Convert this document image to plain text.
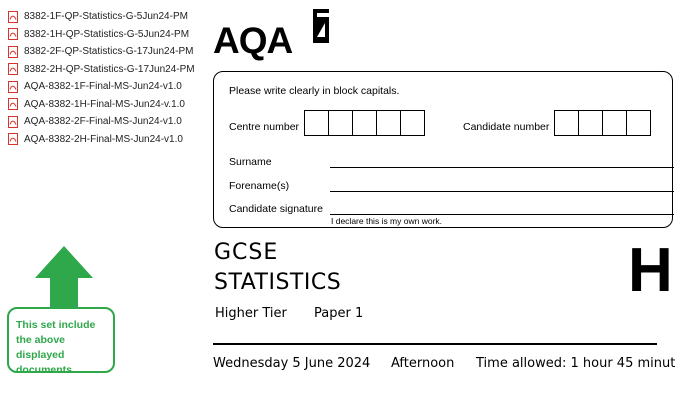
8382-1F-QP-Statistics-G-5Jun24-PM
8382-1H-QP-Statistics-G-5Jun24-PM
8382-2F-QP-Statistics-G-17Jun24-PM
8382-2H-QP-Statistics-G-17Jun24-PM
AQA-8382-1F-Final-MS-Jun24-v1.0
AQA-8382-1H-Final-MS-Jun24-v.1.0
AQA-8382-2F-Final-MS-Jun24-v1.0
AQA-8382-2H-Final-MS-Jun24-v1.0
This set include the above displayed documents
AQA
Please write clearly in block capitals.
Centre number	Candidate number
Surname
Forename(s)
Candidate signature
I declare this is my own work.
GCSE
STATISTICS	H
Higher Tier Paper 1
Wednesday 5 June 2024 Afternoon Time allowed: 1 hour 45 minut
